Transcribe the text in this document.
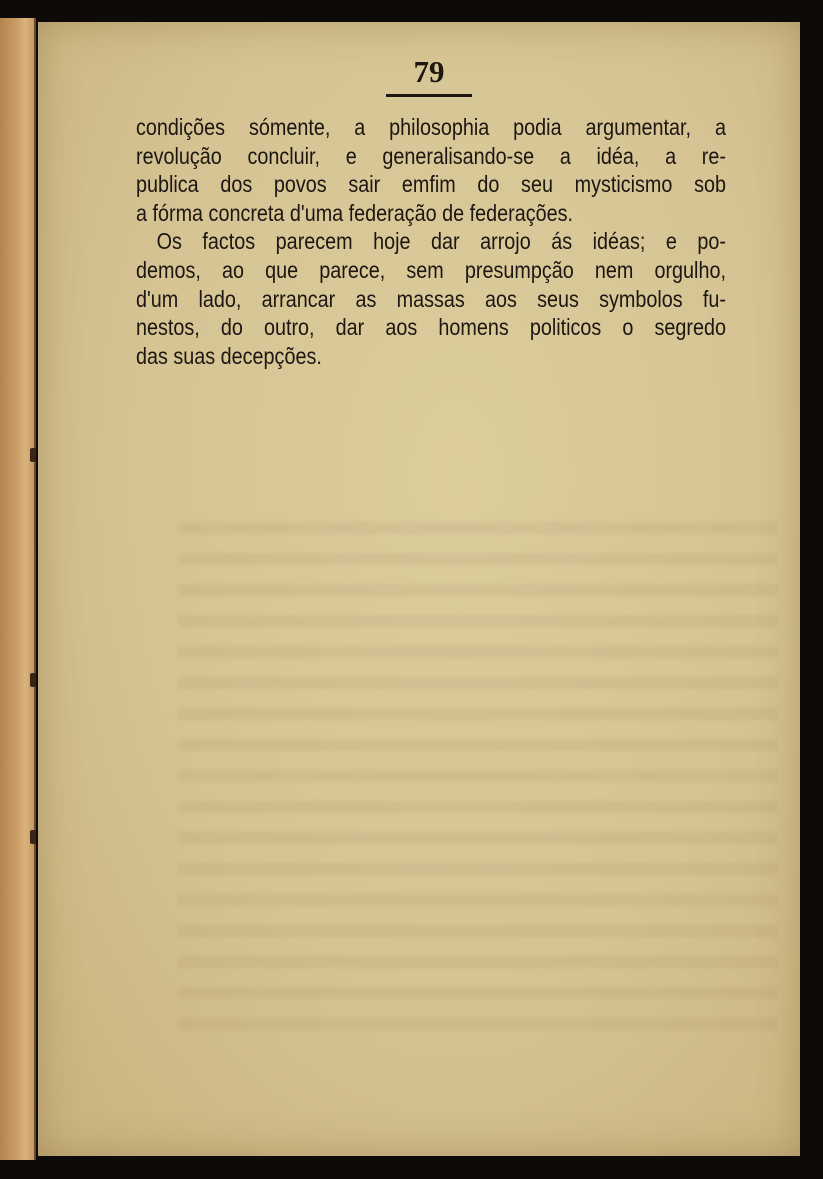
79
condições sómente, a philosophia podia argumentar, a
revolução concluir, e generalisando-se a idéa, a re-
publica dos povos sair emfim do seu mysticismo sob
a fórma concreta d'uma federação de federações.
Os factos parecem hoje dar arrojo ás idéas; e po-
demos, ao que parece, sem presumpção nem orgulho,
d'um lado, arrancar as massas aos seus symbolos fu-
nestos, do outro, dar aos homens politicos o segredo
das suas decepções.
